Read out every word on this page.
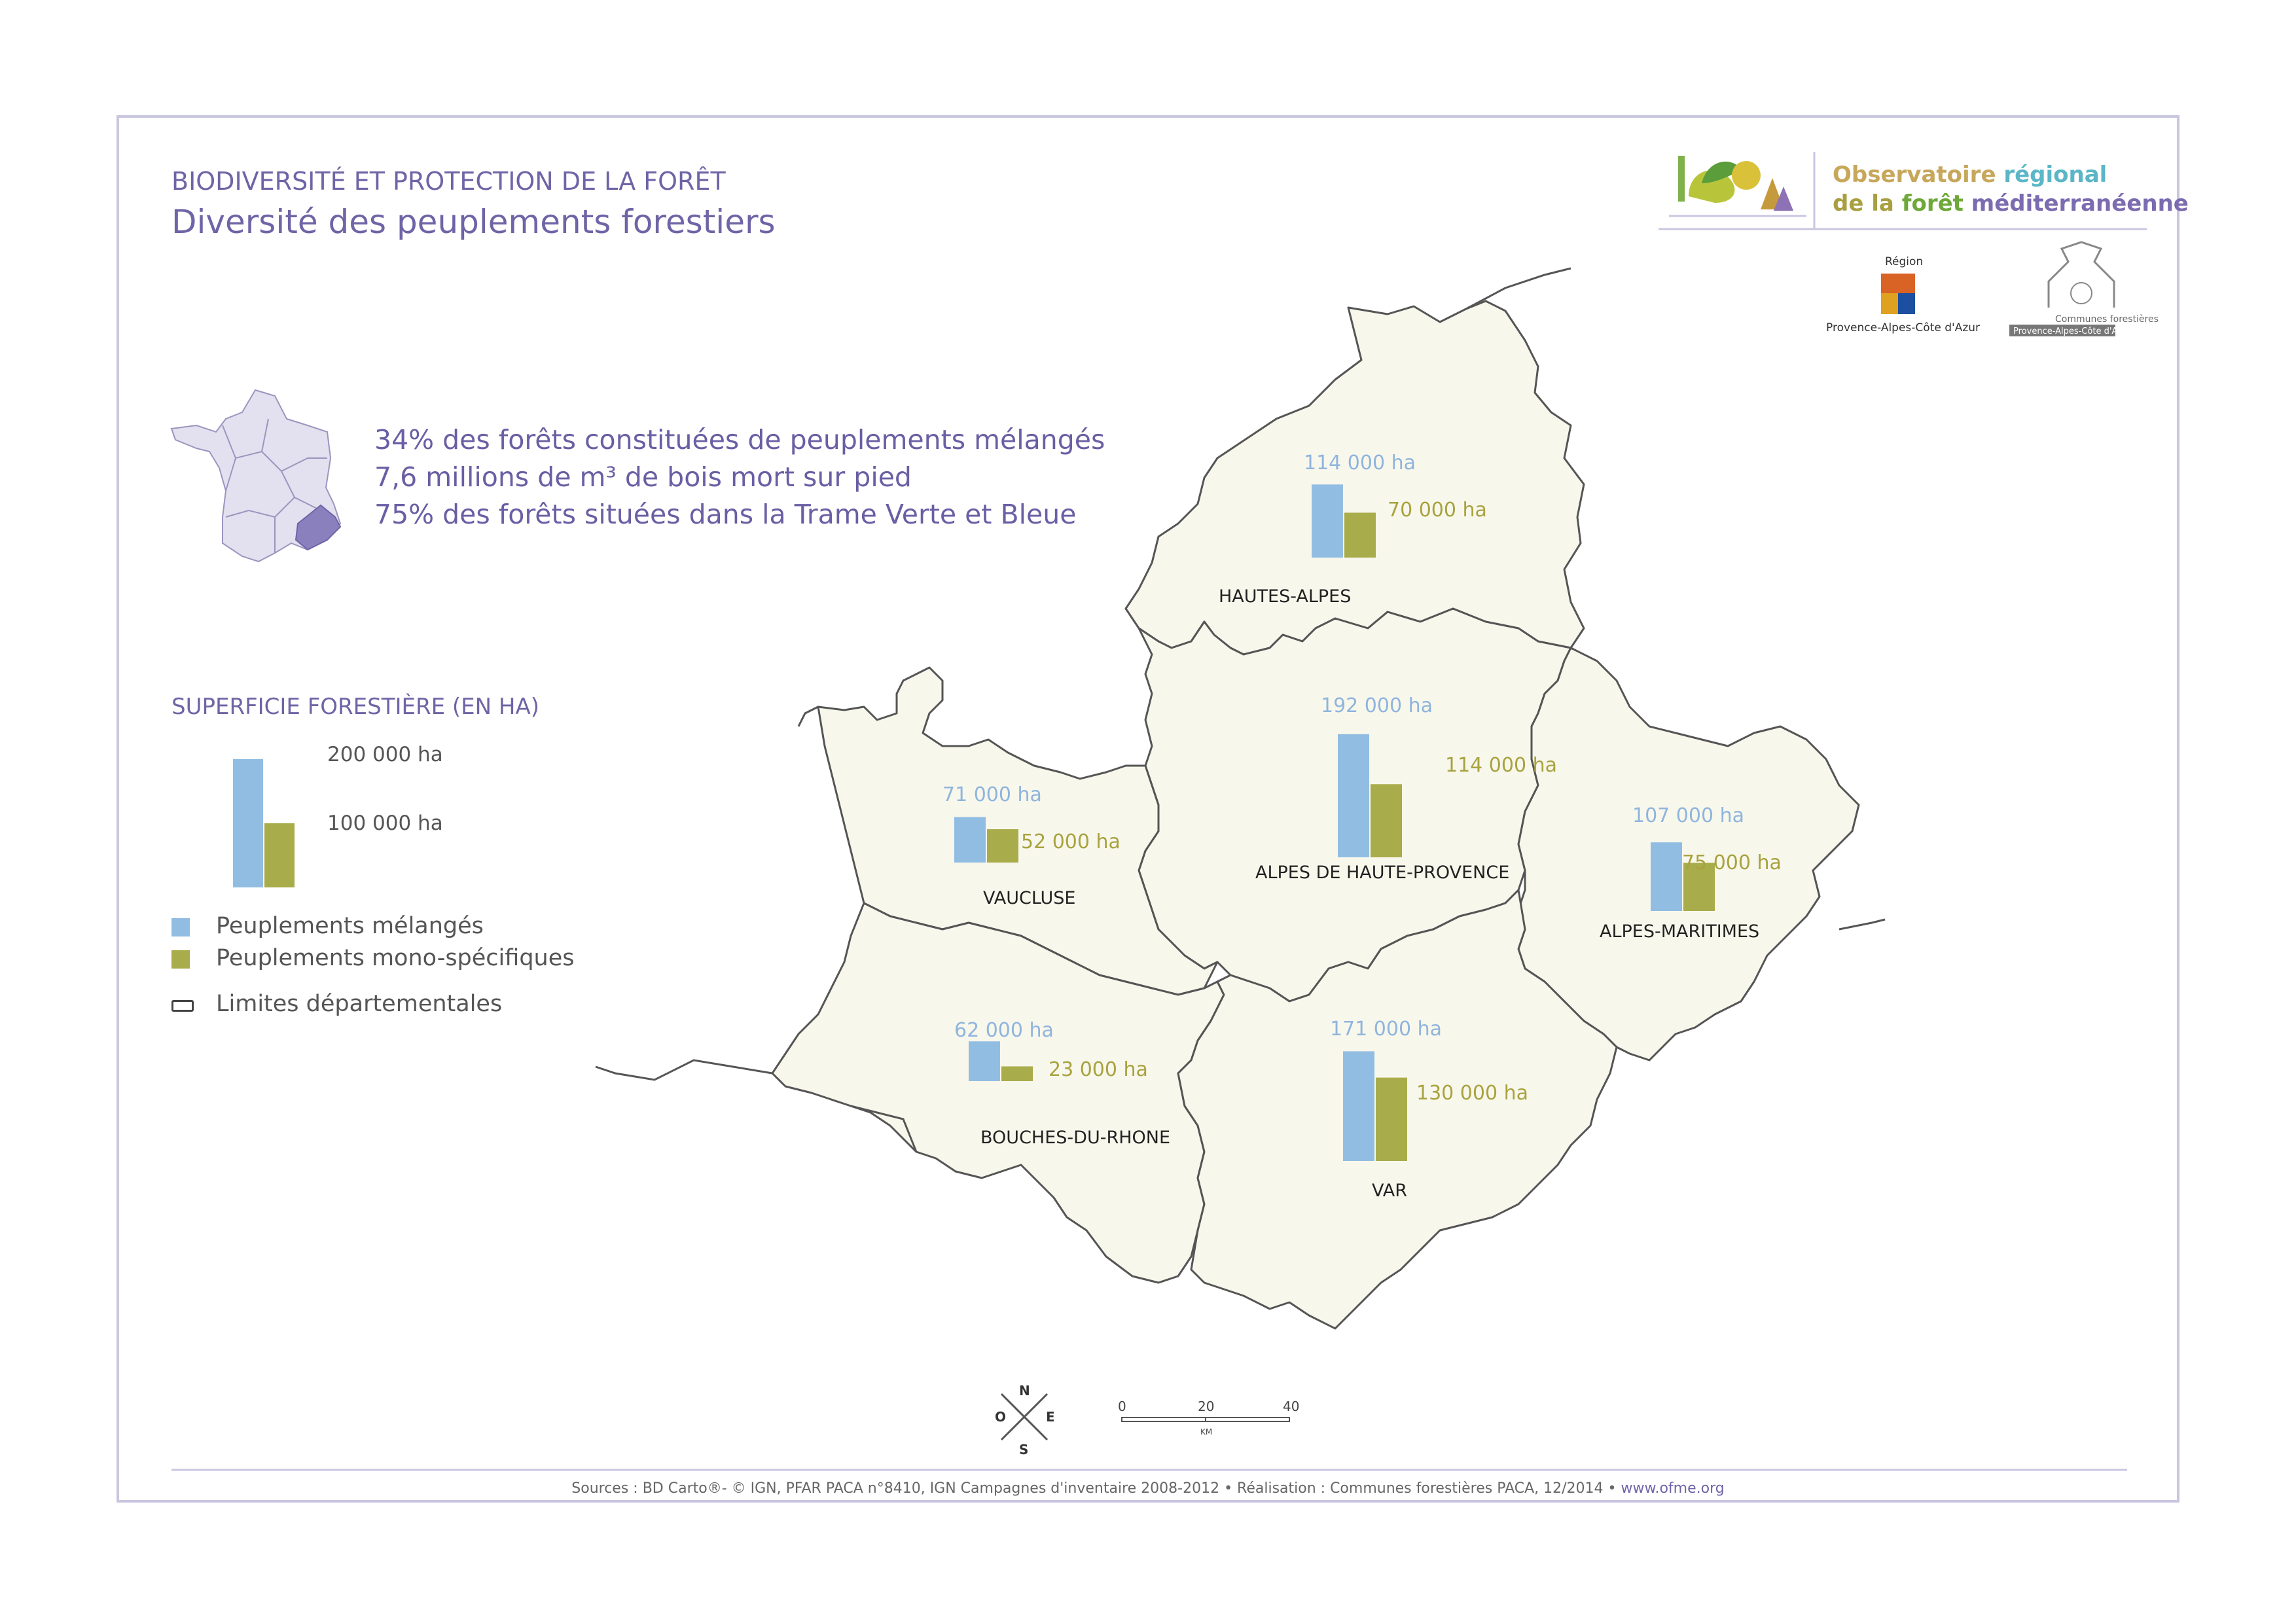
BIODIVERSITÉ ET PROTECTION DE LA FORÊT
Diversité des peuplements forestiers
34% des forêts constituées de peuplements mélangés
7,6 millions de m³ de bois mort sur pied
75% des forêts situées dans la Trame Verte et Bleue
SUPERFICIE FORESTIÈRE (EN HA)
200 000 ha
100 000 ha
Peuplements mélangés
Peuplements mono-spécifiques
Limites départementales
114 000 ha
70 000 ha
HAUTES-ALPES
192 000 ha
114 000 ha
ALPES DE HAUTE-PROVENCE
71 000 ha
52 000 ha
VAUCLUSE
107 000 ha
75 000 ha
ALPES-MARITIMES
62 000 ha
23 000 ha
BOUCHES-DU-RHONE
171 000 ha
130 000 ha
VAR
Observatoire régional
de la forêt méditerranéenne
Région
Provence-Alpes-Côte d'Azur
Communes forestières
Provence-Alpes-Côte d'Azur
N
S
O	E
0	20	40
KM
Sources : BD Carto®- © IGN, PFAR PACA n°8410, IGN Campagnes d'inventaire 2008-2012 • Réalisation : Communes forestières PACA, 12/2014 • www.ofme.org
